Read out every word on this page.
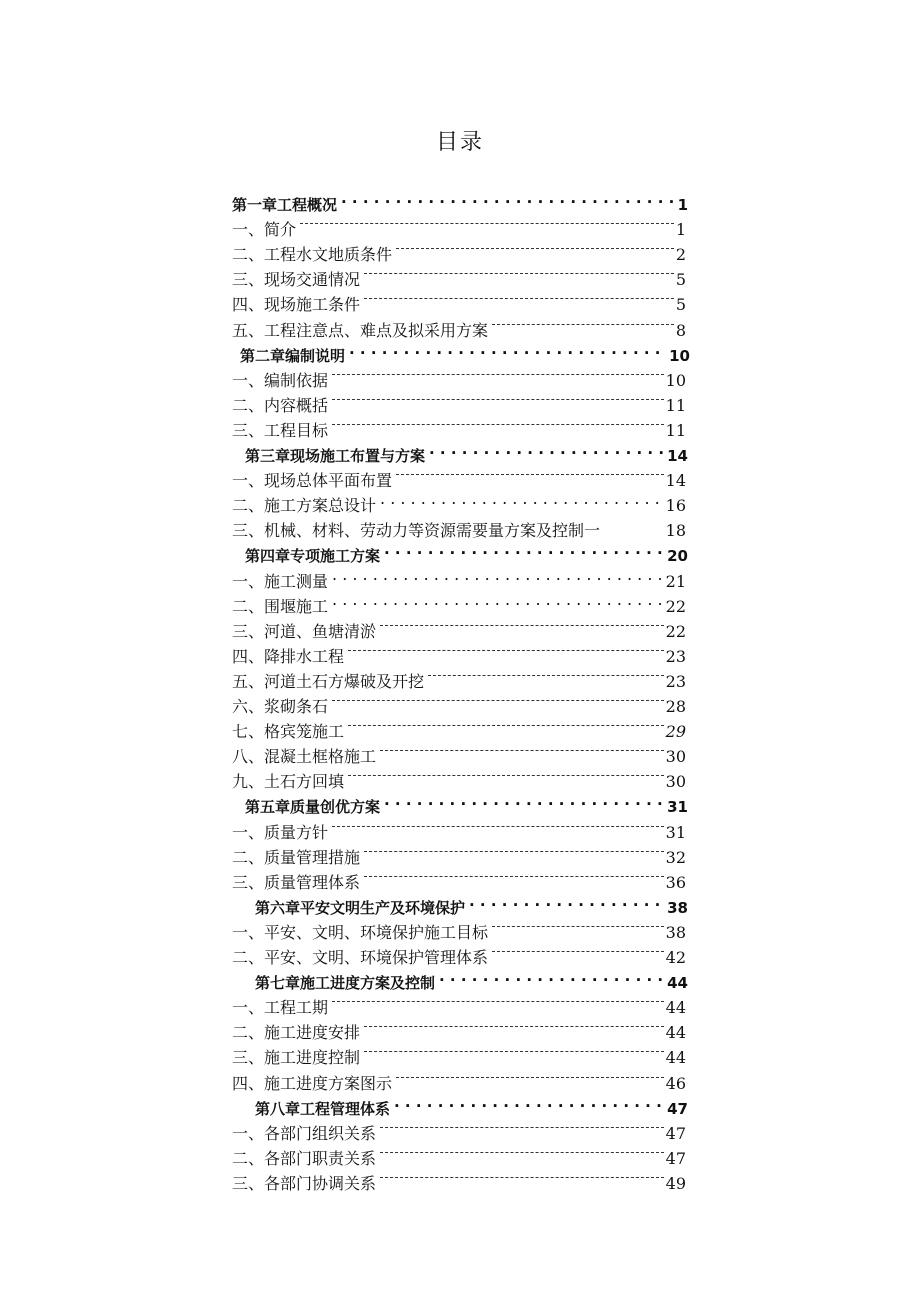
目录
第一章工程概况 . . .	1
一、简介	1
二、工程水文地质条件	2
三、现场交通情况	5
四、现场施工条件	5
五、工程注意点、难点及拟采用方案	8
第二章编制说明 . . .	10
一、编制依据	10
二、内容概括	11
三、工程目标	11
第三章现场施工布置与方案 . . .	14
一、现场总体平面布置	14
二、施工方案总设计 . . .	16
三、机械、材料、劳动力等资源需要量方案及控制一	18
第四章专项施工方案 . . .	20
一、施工测量 . . .	21
二、围堰施工 . . .	22
三、河道、鱼塘清淤	22
四、降排水工程	23
五、河道土石方爆破及开挖	23
六、浆砌条石	28
七、格宾笼施工	29
八、混凝土框格施工	30
九、土石方回填	30
第五章质量创优方案 . . .	31
一、质量方针	31
二、质量管理措施	32
三、质量管理体系	36
第六章平安文明生产及环境保护 . . .	38
一、平安、文明、环境保护施工目标	38
二、平安、文明、环境保护管理体系	42
第七章施工进度方案及控制 . . .	44
一、工程工期	44
二、施工进度安排	44
三、施工进度控制	44
四、施工进度方案图示	46
第八章工程管理体系 . . .	47
一、各部门组织关系	47
二、各部门职责关系	47
三、各部门协调关系	49
